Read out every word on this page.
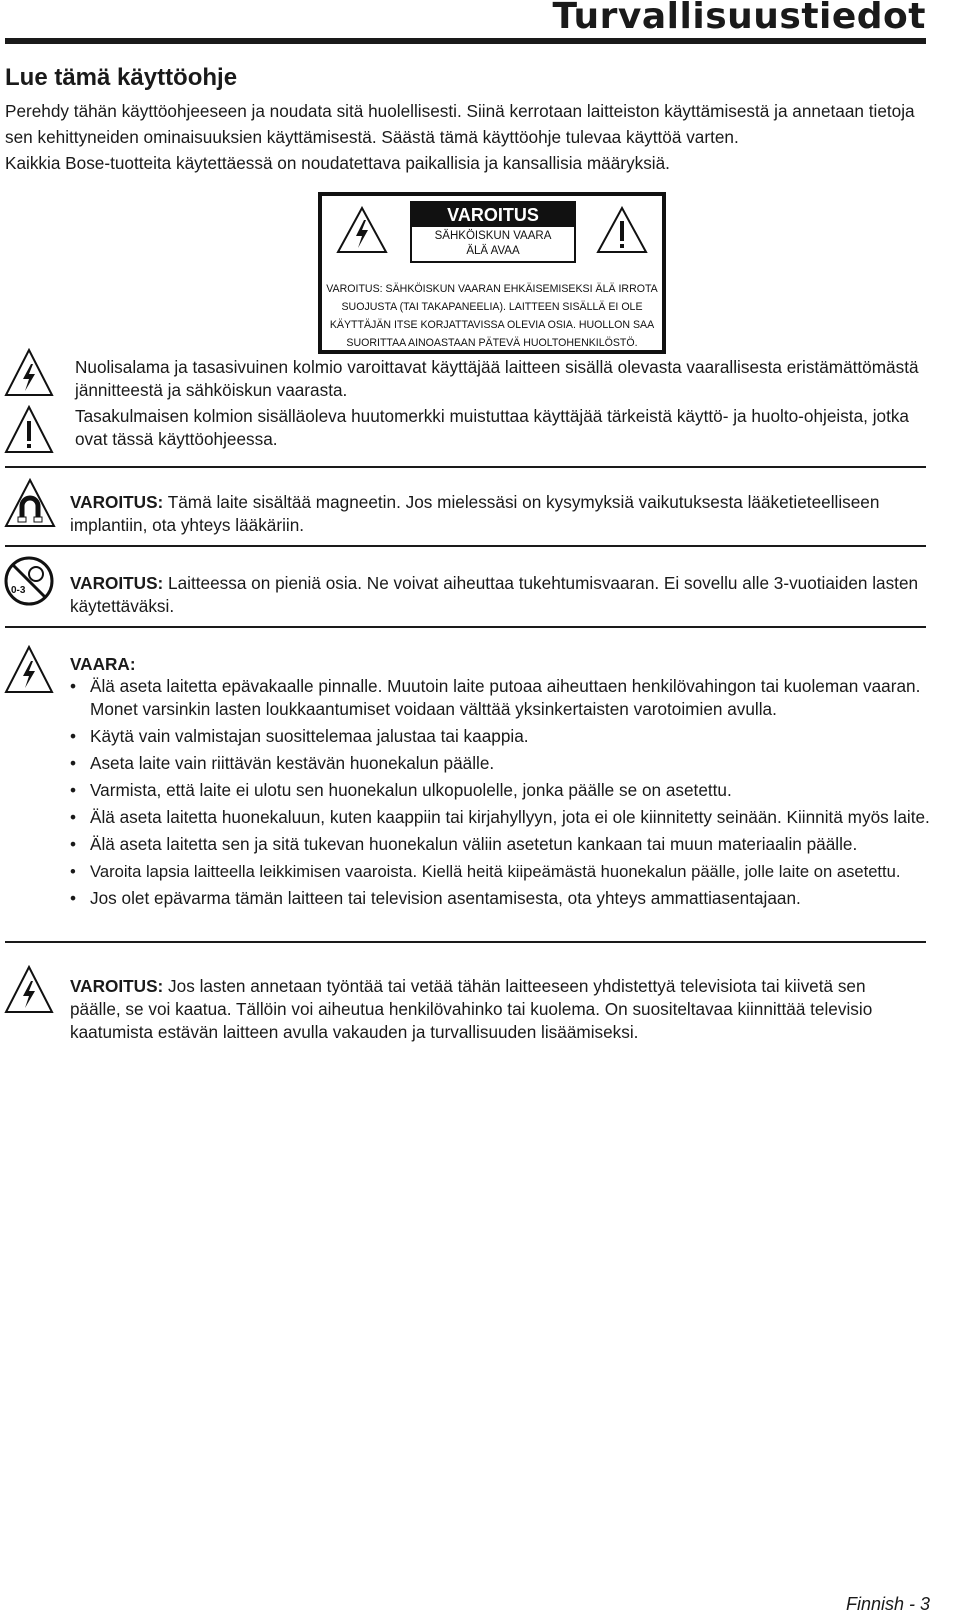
Turvallisuustiedot
Lue tämä käyttöohje

Perehdy tähän käyttöohjeeseen ja noudata sitä huolellisesti. Siinä kerrotaan laitteiston käyttämisestä ja annetaan tietoja sen kehittyneiden ominaisuuksien käyttämisestä. Säästä tämä käyttöohje tulevaa käyttöä varten.

Kaikkia Bose-tuotteita käytettäessä on noudatettava paikallisia ja kansallisia määryksiä.

VAROITUS
SÄHKÖISKUN VAARA
ÄLÄ AVAA
VAROITUS: SÄHKÖISKUN VAARAN EHKÄISEMISEKSI ÄLÄ IRROTA SUOJUSTA (TAI TAKAPANEELIA). LAITTEEN SISÄLLÄ EI OLE KÄYTTÄJÄN ITSE KORJATTAVISSA OLEVIA OSIA. HUOLLON SAA SUORITTAA AINOASTAAN PÄTEVÄ HUOLTOHENKILÖSTÖ.
Nuolisalama ja tasasivuinen kolmio varoittavat käyttäjää laitteen sisällä olevasta vaarallisesta eristämättömästä jännitteestä ja sähköiskun vaarasta.
Tasakulmaisen kolmion sisälläoleva huutomerkki muistuttaa käyttäjää tärkeistä käyttö- ja huolto-ohjeista, jotka ovat tässä käyttöohjeessa.
VAROITUS: Tämä laite sisältää magneetin. Jos mielessäsi on kysymyksiä vaikutuksesta lääketieteelliseen implantiin, ota yhteys lääkäriin.
0-3	VAROITUS: Laitteessa on pieniä osia. Ne voivat aiheuttaa tukehtumisvaaran. Ei sovellu alle 3-vuotiaiden lasten käytettäväksi.
VAARA:
• Älä aseta laitetta epävakaalle pinnalle. Muutoin laite putoaa aiheuttaen henkilövahingon tai kuoleman vaaran. Monet varsinkin lasten loukkaantumiset voidaan välttää yksinkertaisten varotoimien avulla.
• Käytä vain valmistajan suosittelemaa jalustaa tai kaappia.
• Aseta laite vain riittävän kestävän huonekalun päälle.
• Varmista, että laite ei ulotu sen huonekalun ulkopuolelle, jonka päälle se on asetettu.
• Älä aseta laitetta huonekaluun, kuten kaappiin tai kirjahyllyyn, jota ei ole kiinnitetty seinään. Kiinnitä myös laite.
• Älä aseta laitetta sen ja sitä tukevan huonekalun väliin asetetun kankaan tai muun materiaalin päälle.
• Varoita lapsia laitteella leikkimisen vaaroista. Kiellä heitä kiipeämästä huonekalun päälle, jolle laite on asetettu.
• Jos olet epävarma tämän laitteen tai television asentamisesta, ota yhteys ammattiasentajaan.
VAROITUS: Jos lasten annetaan työntää tai vetää tähän laitteeseen yhdistettyä televisiota tai kiivetä sen päälle, se voi kaatua. Tällöin voi aiheutua henkilövahinko tai kuolema. On suositeltavaa kiinnittää televisio kaatumista estävän laitteen avulla vakauden ja turvallisuuden lisäämiseksi.
Finnish - 3
